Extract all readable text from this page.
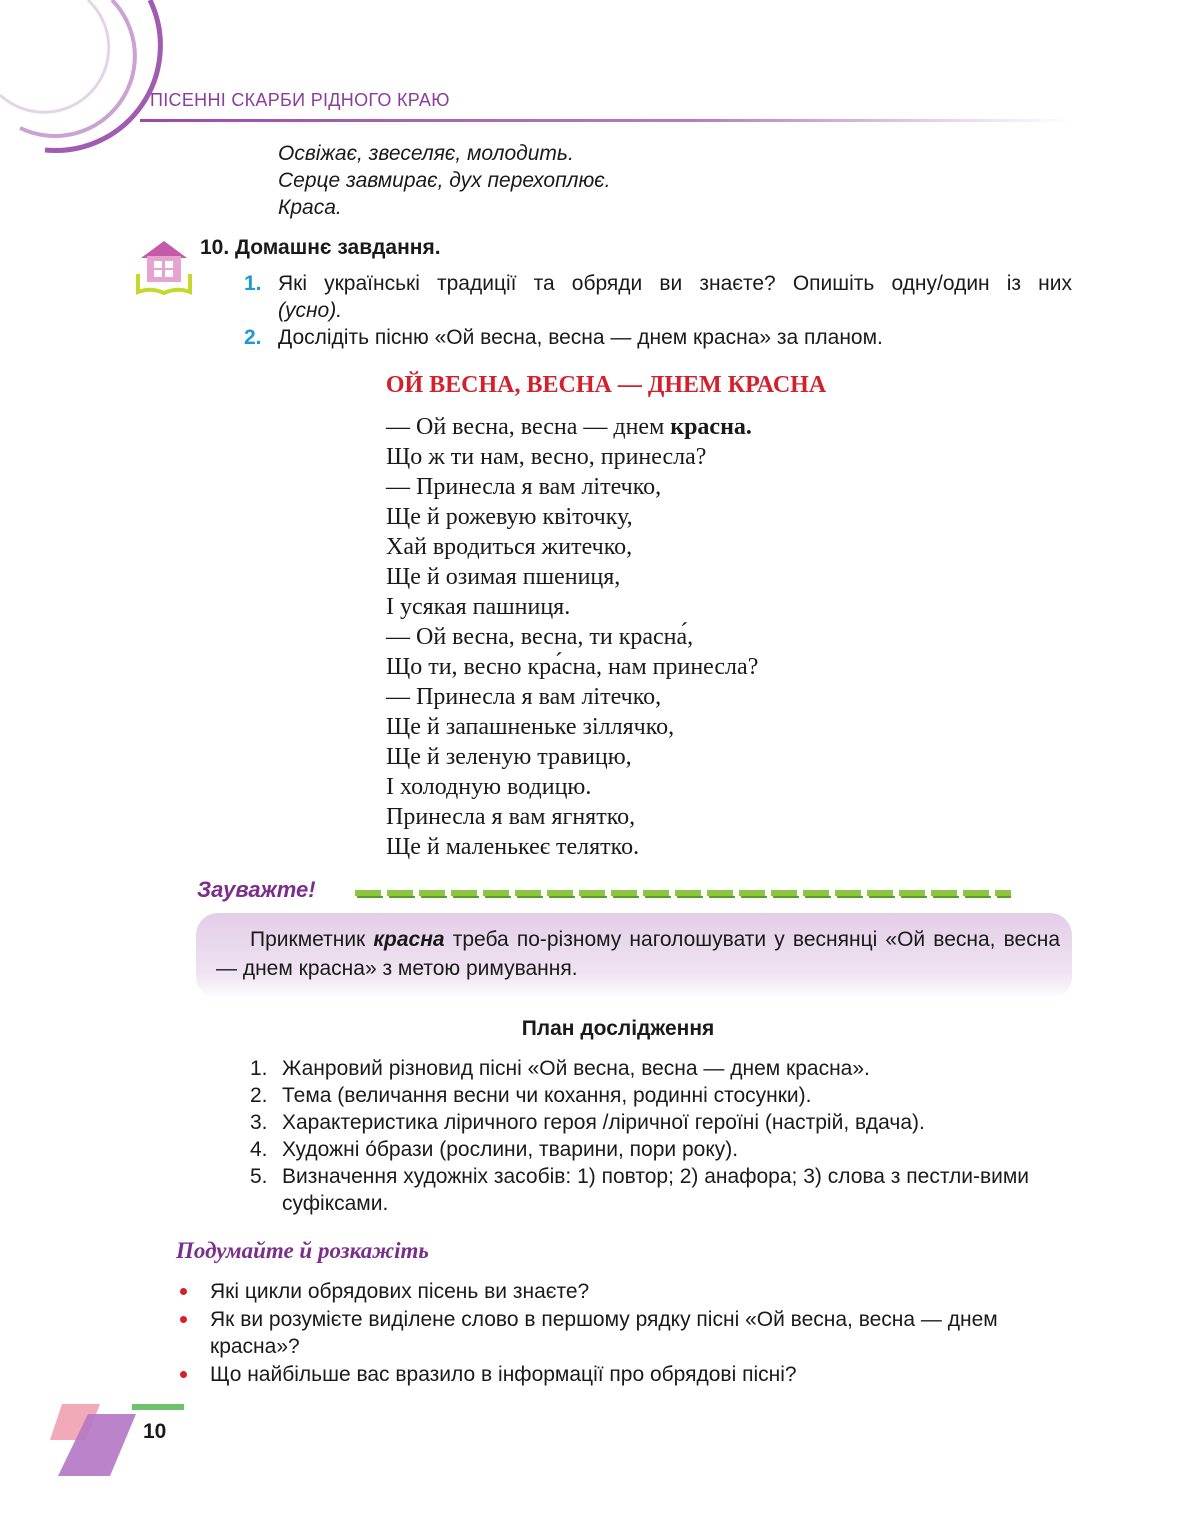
ПІСЕННІ СКАРБИ РІДНОГО КРАЮ
Освіжає, звеселяє, молодить.
Серце завмирає, дух перехоплює.
Краса.
10. Домашнє завдання.
1. Які українські традиції та обряди ви знаєте? Опишіть одну/один із них
(усно).
2. Дослідіть пісню «Ой весна, весна — днем красна» за планом.
ОЙ ВЕСНА, ВЕСНА — ДНЕМ КРАСНА
— Ой весна, весна — днем красна.
Що ж ти нам, весно, принесла?
— Принесла я вам літечко,
Ще й рожевую квіточку,
Хай вродиться житечко,
Ще й озимая пшениця,
І усякая пашниця.
— Ой весна, весна, ти красна́,
Що ти, весно кра́сна, нам принесла?
— Принесла я вам літечко,
Ще й запашненьке зіллячко,
Ще й зеленую травицю,
І холодную водицю.
Принесла я вам ягнятко,
Ще й маленькеє телятко.
Зауважте!
Прикметник красна треба по-різному наголошувати у веснянці «Ой весна, весна — днем красна» з метою римування.
План дослідження
1. Жанровий різновид пісні «Ой весна, весна — днем красна».
2. Тема (величання весни чи кохання, родинні стосунки).
3. Характеристика ліричного героя /ліричної героїні (настрій, вдача).
4. Художні о́брази (рослини, тварини, пори року).
5. Визначення художніх засобів: 1) повтор; 2) анафора; 3) слова з пестли-вими суфіксами.
Подумайте й розкажіть
Які цикли обрядових пісень ви знаєте?
Як ви розумієте виділене слово в першому рядку пісні «Ой весна, весна — днем красна»?
Що найбільше вас вразило в інформації про обрядові пісні?
10
